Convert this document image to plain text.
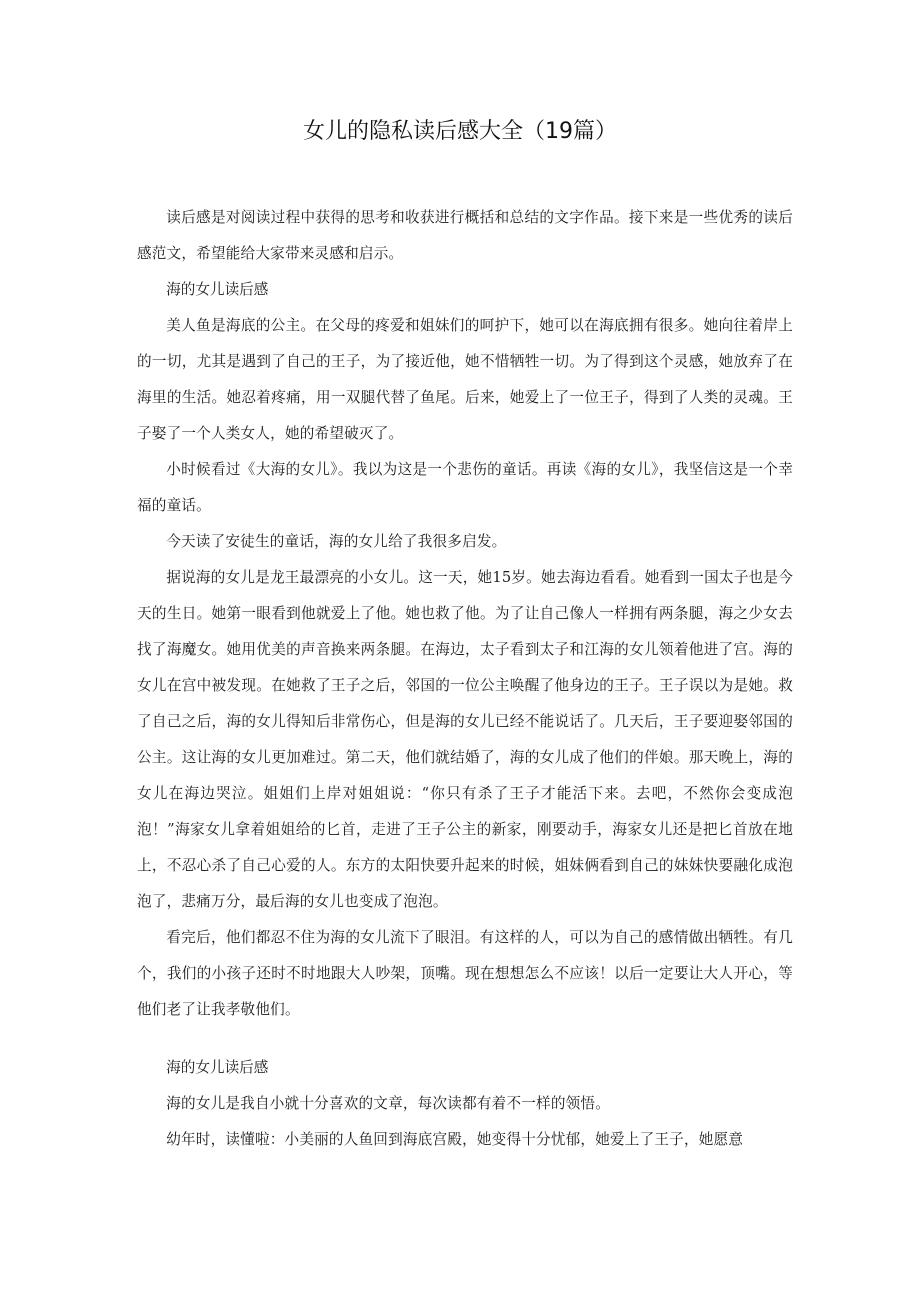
女儿的隐私读后感大全（19篇）

读后感是对阅读过程中获得的思考和收获进行概括和总结的文字作品。接下来是一些优秀的读后感范文，希望能给大家带来灵感和启示。

海的女儿读后感

美人鱼是海底的公主。在父母的疼爱和姐妹们的呵护下，她可以在海底拥有很多。她向往着岸上的一切，尤其是遇到了自己的王子，为了接近他，她不惜牺牲一切。为了得到这个灵感，她放弃了在海里的生活。她忍着疼痛，用一双腿代替了鱼尾。后来，她爱上了一位王子，得到了人类的灵魂。王子娶了一个人类女人，她的希望破灭了。

小时候看过《大海的女儿》。我以为这是一个悲伤的童话。再读《海的女儿》，我坚信这是一个幸福的童话。

今天读了安徒生的童话，海的女儿给了我很多启发。

据说海的女儿是龙王最漂亮的小女儿。这一天，她15岁。她去海边看看。她看到一国太子也是今天的生日。她第一眼看到他就爱上了他。她也救了他。为了让自己像人一样拥有两条腿，海之少女去找了海魔女。她用优美的声音换来两条腿。在海边，太子看到太子和江海的女儿领着他进了宫。海的女儿在宫中被发现。在她救了王子之后，邻国的一位公主唤醒了他身边的王子。王子误以为是她。救了自己之后，海的女儿得知后非常伤心，但是海的女儿已经不能说话了。几天后，王子要迎娶邻国的公主。这让海的女儿更加难过。第二天，他们就结婚了，海的女儿成了他们的伴娘。那天晚上，海的女儿在海边哭泣。姐姐们上岸对姐姐说：“你只有杀了王子才能活下来。去吧，不然你会变成泡泡！”海家女儿拿着姐姐给的匕首，走进了王子公主的新家，刚要动手，海家女儿还是把匕首放在地上，不忍心杀了自己心爱的人。东方的太阳快要升起来的时候，姐妹俩看到自己的妹妹快要融化成泡泡了，悲痛万分，最后海的女儿也变成了泡泡。

看完后，他们都忍不住为海的女儿流下了眼泪。有这样的人，可以为自己的感情做出牺牲。有几个，我们的小孩子还时不时地跟大人吵架，顶嘴。现在想想怎么不应该！以后一定要让大人开心，等他们老了让我孝敬他们。

海的女儿读后感

海的女儿是我自小就十分喜欢的文章，每次读都有着不一样的领悟。

幼年时，读懂啦：小美丽的人鱼回到海底宫殿，她变得十分忧郁，她爱上了王子，她愿意
